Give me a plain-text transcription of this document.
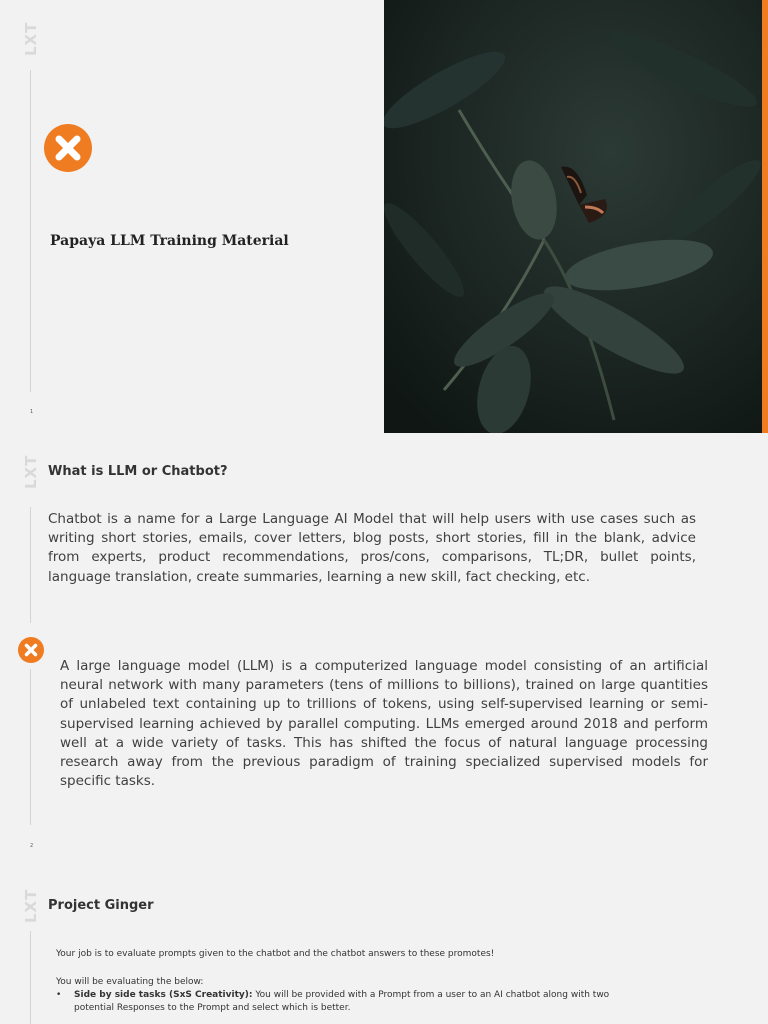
LXT
Papaya LLM Training Material
1
LXT What is LLM or Chatbot?
Chatbot is a name for a Large Language AI Model that will help users with use cases such as writing short stories, emails, cover letters, blog posts, short stories, fill in the blank, advice from experts, product recommendations, pros/cons, comparisons, TL;DR, bullet points, language translation, create summaries, learning a new skill, fact checking, etc.
A large language model (LLM) is a computerized language model consisting of an artificial neural network with many parameters (tens of millions to billions), trained on large quantities of unlabeled text containing up to trillions of tokens, using self-supervised learning or semi-supervised learning achieved by parallel computing. LLMs emerged around 2018 and perform well at a wide variety of tasks. This has shifted the focus of natural language processing research away from the previous paradigm of training specialized supervised models for specific tasks.
2
LXT Project Ginger
Your job is to evaluate prompts given to the chatbot and the chatbot answers to these promotes!
You will be evaluating the below:
• Side by side tasks (SxS Creativity): You will be provided with a Prompt from a user to an AI chatbot along with two potential Responses to the Prompt and select which is better.
